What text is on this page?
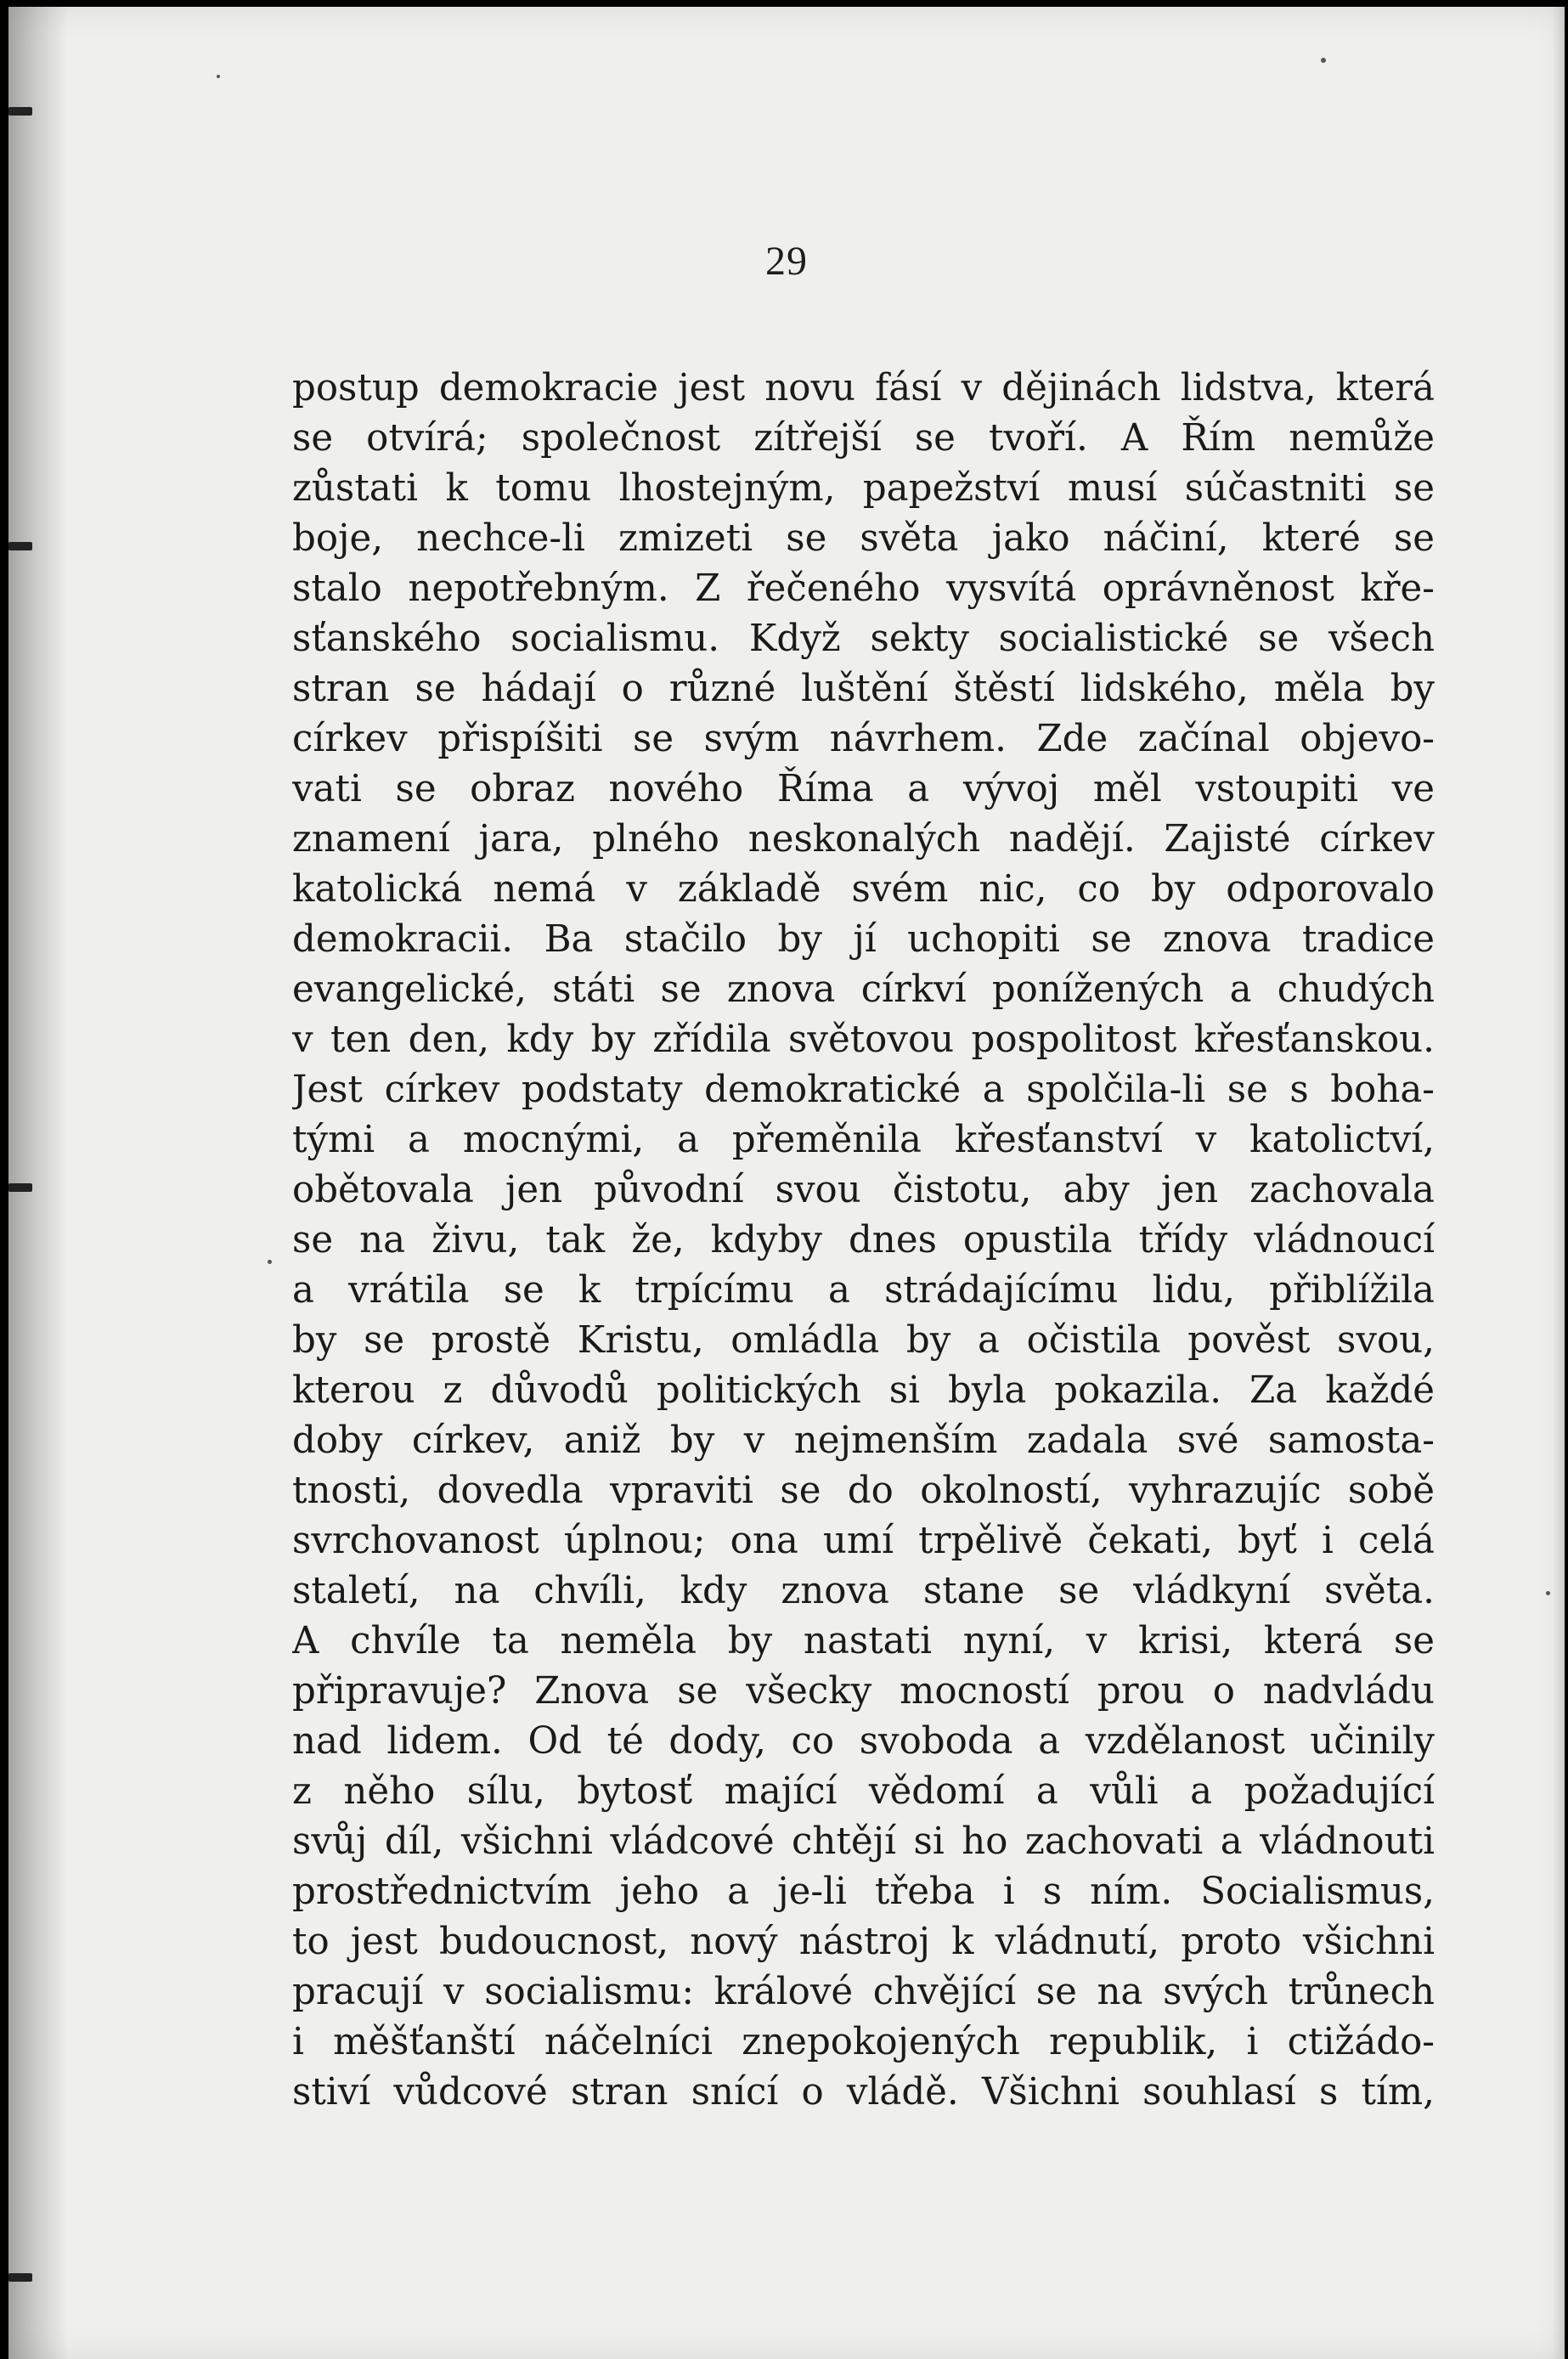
29
postup demokracie jest novu fásí v dějinách lidstva, která
se otvírá; společnost zítřejší se tvoří. A Řím nemůže
zůstati k tomu lhostejným, papežství musí súčastniti se
boje, nechce-li zmizeti se světa jako náčiní, které se
stalo nepotřebným. Z řečeného vysvítá oprávněnost kře-
sťanského socialismu. Když sekty socialistické se všech
stran se hádají o různé luštění štěstí lidského, měla by
církev přispíšiti se svým návrhem. Zde začínal objevo-
vati se obraz nového Říma a vývoj měl vstoupiti ve
znamení jara, plného neskonalých nadějí. Zajisté církev
katolická nemá v základě svém nic, co by odporovalo
demokracii. Ba stačilo by jí uchopiti se znova tradice
evangelické, státi se znova církví ponížených a chudých
v ten den, kdy by zřídila světovou pospolitost křesťanskou.
Jest církev podstaty demokratické a spolčila-li se s boha-
tými a mocnými, a přeměnila křesťanství v katolictví,
obětovala jen původní svou čistotu, aby jen zachovala
se na živu, tak že, kdyby dnes opustila třídy vládnoucí
a vrátila se k trpícímu a strádajícímu lidu, přiblížila
by se prostě Kristu, omládla by a očistila pověst svou,
kterou z důvodů politických si byla pokazila. Za každé
doby církev, aniž by v nejmenším zadala své samosta-
tnosti, dovedla vpraviti se do okolností, vyhrazujíc sobě
svrchovanost úplnou; ona umí trpělivě čekati, byť i celá
staletí, na chvíli, kdy znova stane se vládkyní světa.
A chvíle ta neměla by nastati nyní, v krisi, která se
připravuje? Znova se všecky mocností prou o nadvládu
nad lidem. Od té dody, co svoboda a vzdělanost učinily
z něho sílu, bytosť mající vědomí a vůli a požadující
svůj díl, všichni vládcové chtějí si ho zachovati a vládnouti
prostřednictvím jeho a je-li třeba i s ním. Socialismus,
to jest budoucnost, nový nástroj k vládnutí, proto všichni
pracují v socialismu: králové chvějící se na svých trůnech
i měšťanští náčelníci znepokojených republik, i ctižádo-
stiví vůdcové stran snící o vládě. Všichni souhlasí s tím,
